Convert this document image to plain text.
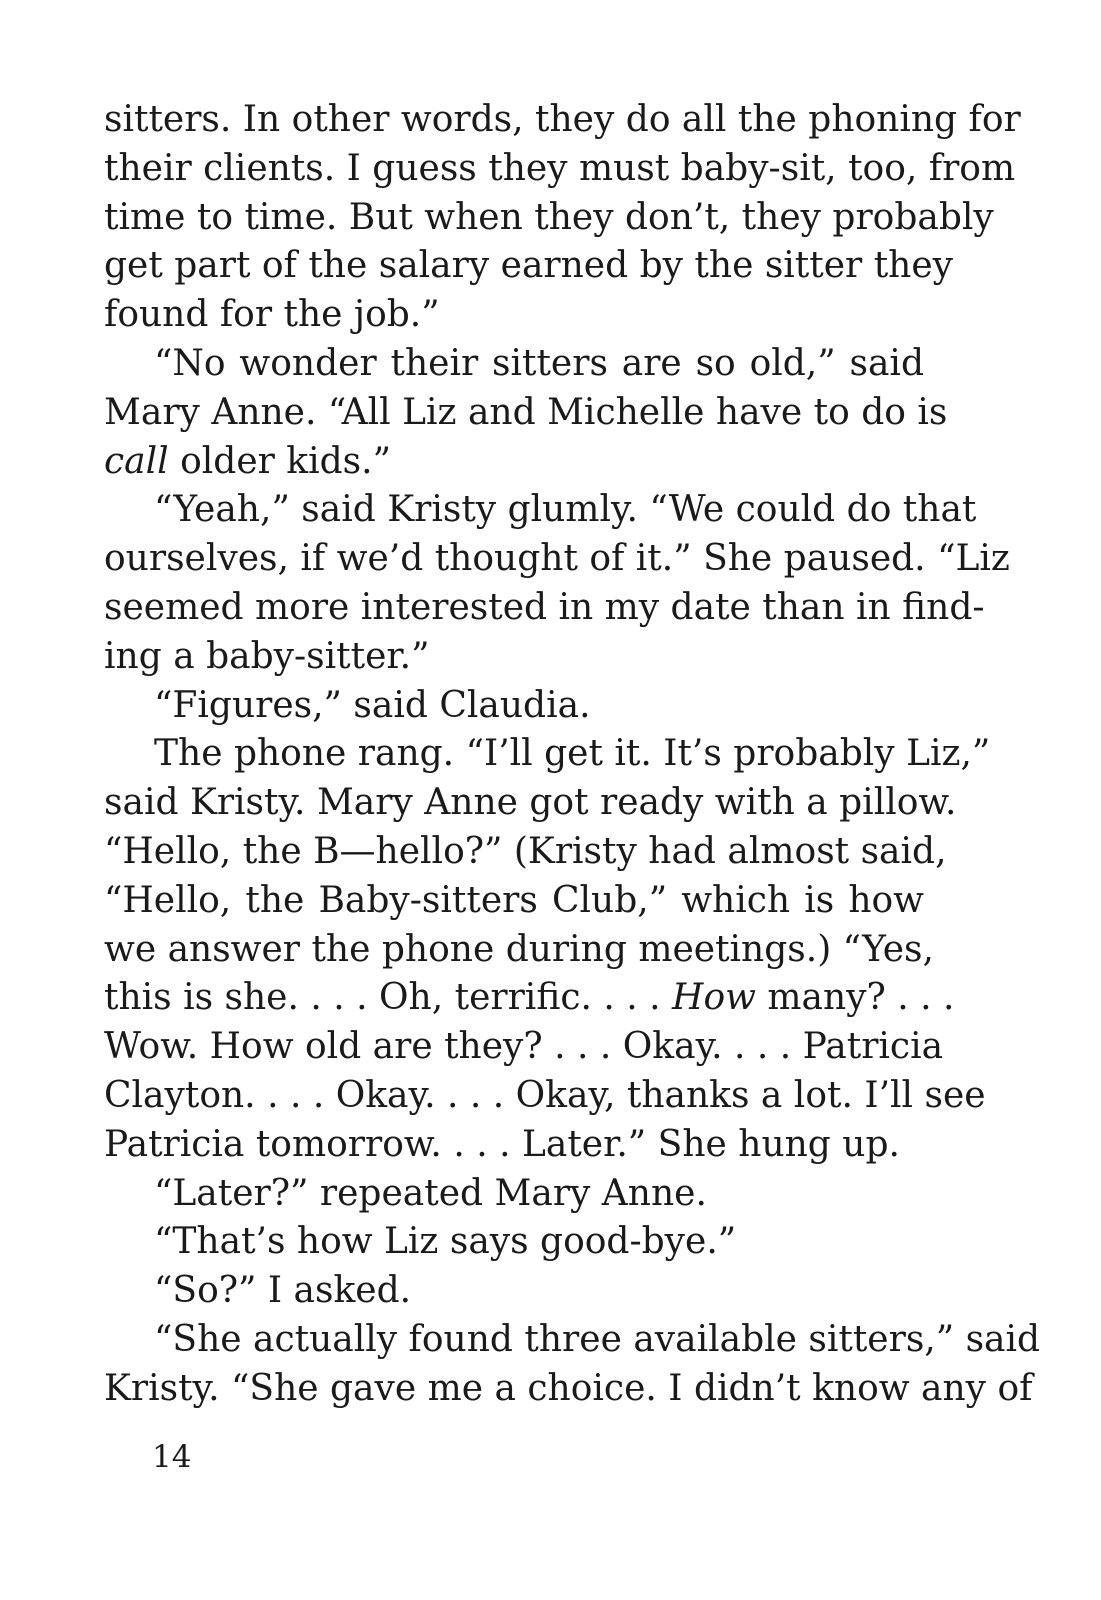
sitters. In other words, they do all the phoning for
their clients. I guess they must baby-sit, too, from
time to time. But when they don’t, they probably
get part of the salary earned by the sitter they
found for the job.”
“No wonder their sitters are so old,” said
Mary Anne. “All Liz and Michelle have to do is
call older kids.”
“Yeah,” said Kristy glumly. “We could do that
ourselves, if we’d thought of it.” She paused. “Liz
seemed more interested in my date than in find-
ing a baby-sitter.”
“Figures,” said Claudia.
The phone rang. “I’ll get it. It’s probably Liz,”
said Kristy. Mary Anne got ready with a pillow.
“Hello, the B—hello?” (Kristy had almost said,
“Hello, the Baby-sitters Club,” which is how
we answer the phone during meetings.) “Yes,
this is she. . . . Oh, terrific. . . . How many? . . .
Wow. How old are they? . . . Okay. . . . Patricia
Clayton. . . . Okay. . . . Okay, thanks a lot. I’ll see
Patricia tomorrow. . . . Later.” She hung up.
“Later?” repeated Mary Anne.
“That’s how Liz says good-bye.”
“So?” I asked.
“She actually found three available sitters,” said
Kristy. “She gave me a choice. I didn’t know any of
14
